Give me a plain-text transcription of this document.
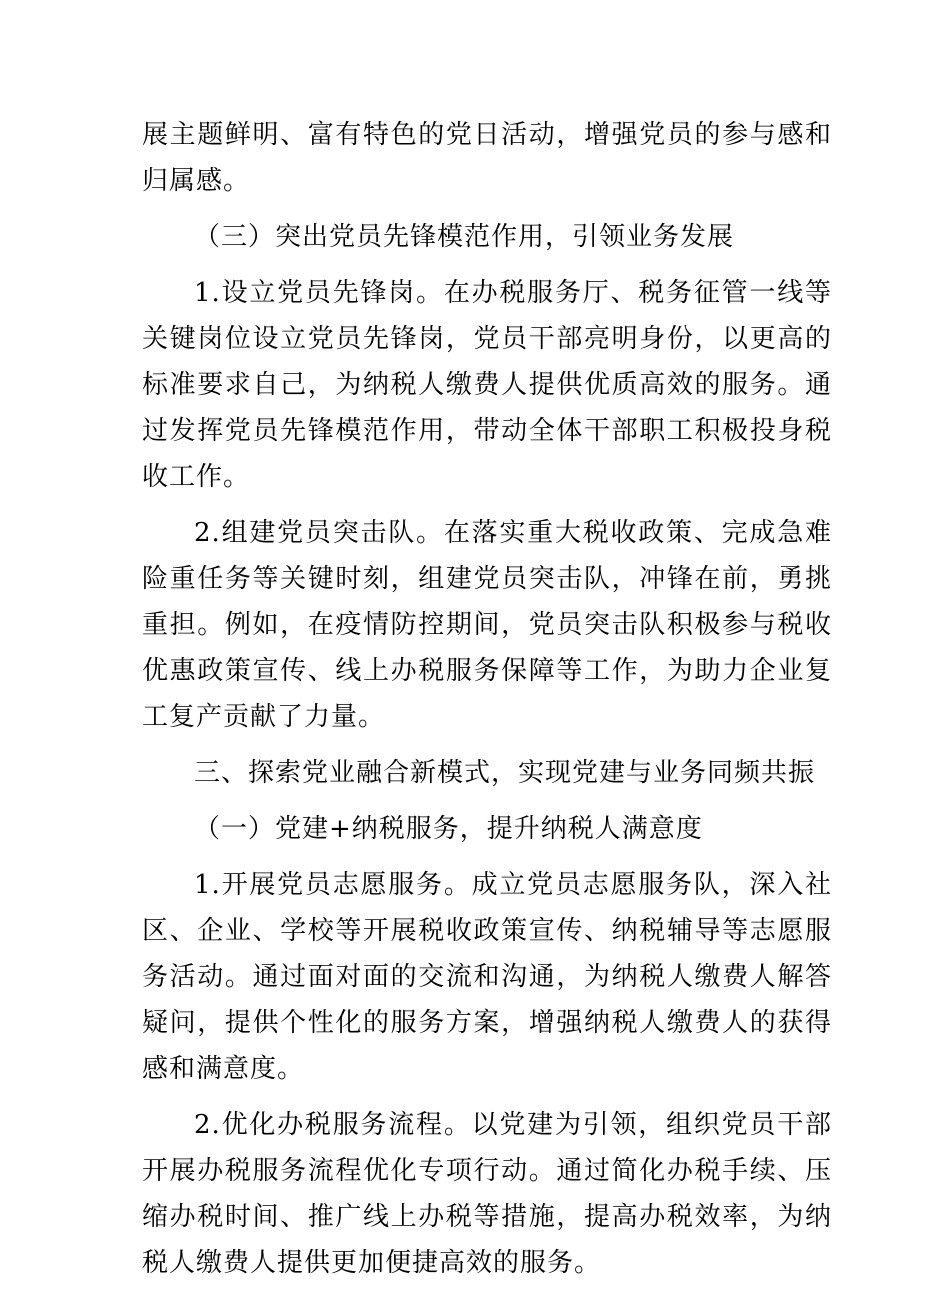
展主题鲜明、富有特色的党日活动，增强党员的参与感和归属感。

（三）突出党员先锋模范作用，引领业务发展

1.设立党员先锋岗。在办税服务厅、税务征管一线等关键岗位设立党员先锋岗，党员干部亮明身份，以更高的标准要求自己，为纳税人缴费人提供优质高效的服务。通过发挥党员先锋模范作用，带动全体干部职工积极投身税收工作。

2.组建党员突击队。在落实重大税收政策、完成急难险重任务等关键时刻，组建党员突击队，冲锋在前，勇挑重担。例如，在疫情防控期间，党员突击队积极参与税收优惠政策宣传、线上办税服务保障等工作，为助力企业复工复产贡献了力量。

三、探索党业融合新模式，实现党建与业务同频共振

（一）党建+纳税服务，提升纳税人满意度

1.开展党员志愿服务。成立党员志愿服务队，深入社区、企业、学校等开展税收政策宣传、纳税辅导等志愿服务活动。通过面对面的交流和沟通，为纳税人缴费人解答疑问，提供个性化的服务方案，增强纳税人缴费人的获得感和满意度。

2.优化办税服务流程。以党建为引领，组织党员干部开展办税服务流程优化专项行动。通过简化办税手续、压缩办税时间、推广线上办税等措施，提高办税效率，为纳税人缴费人提供更加便捷高效的服务。
